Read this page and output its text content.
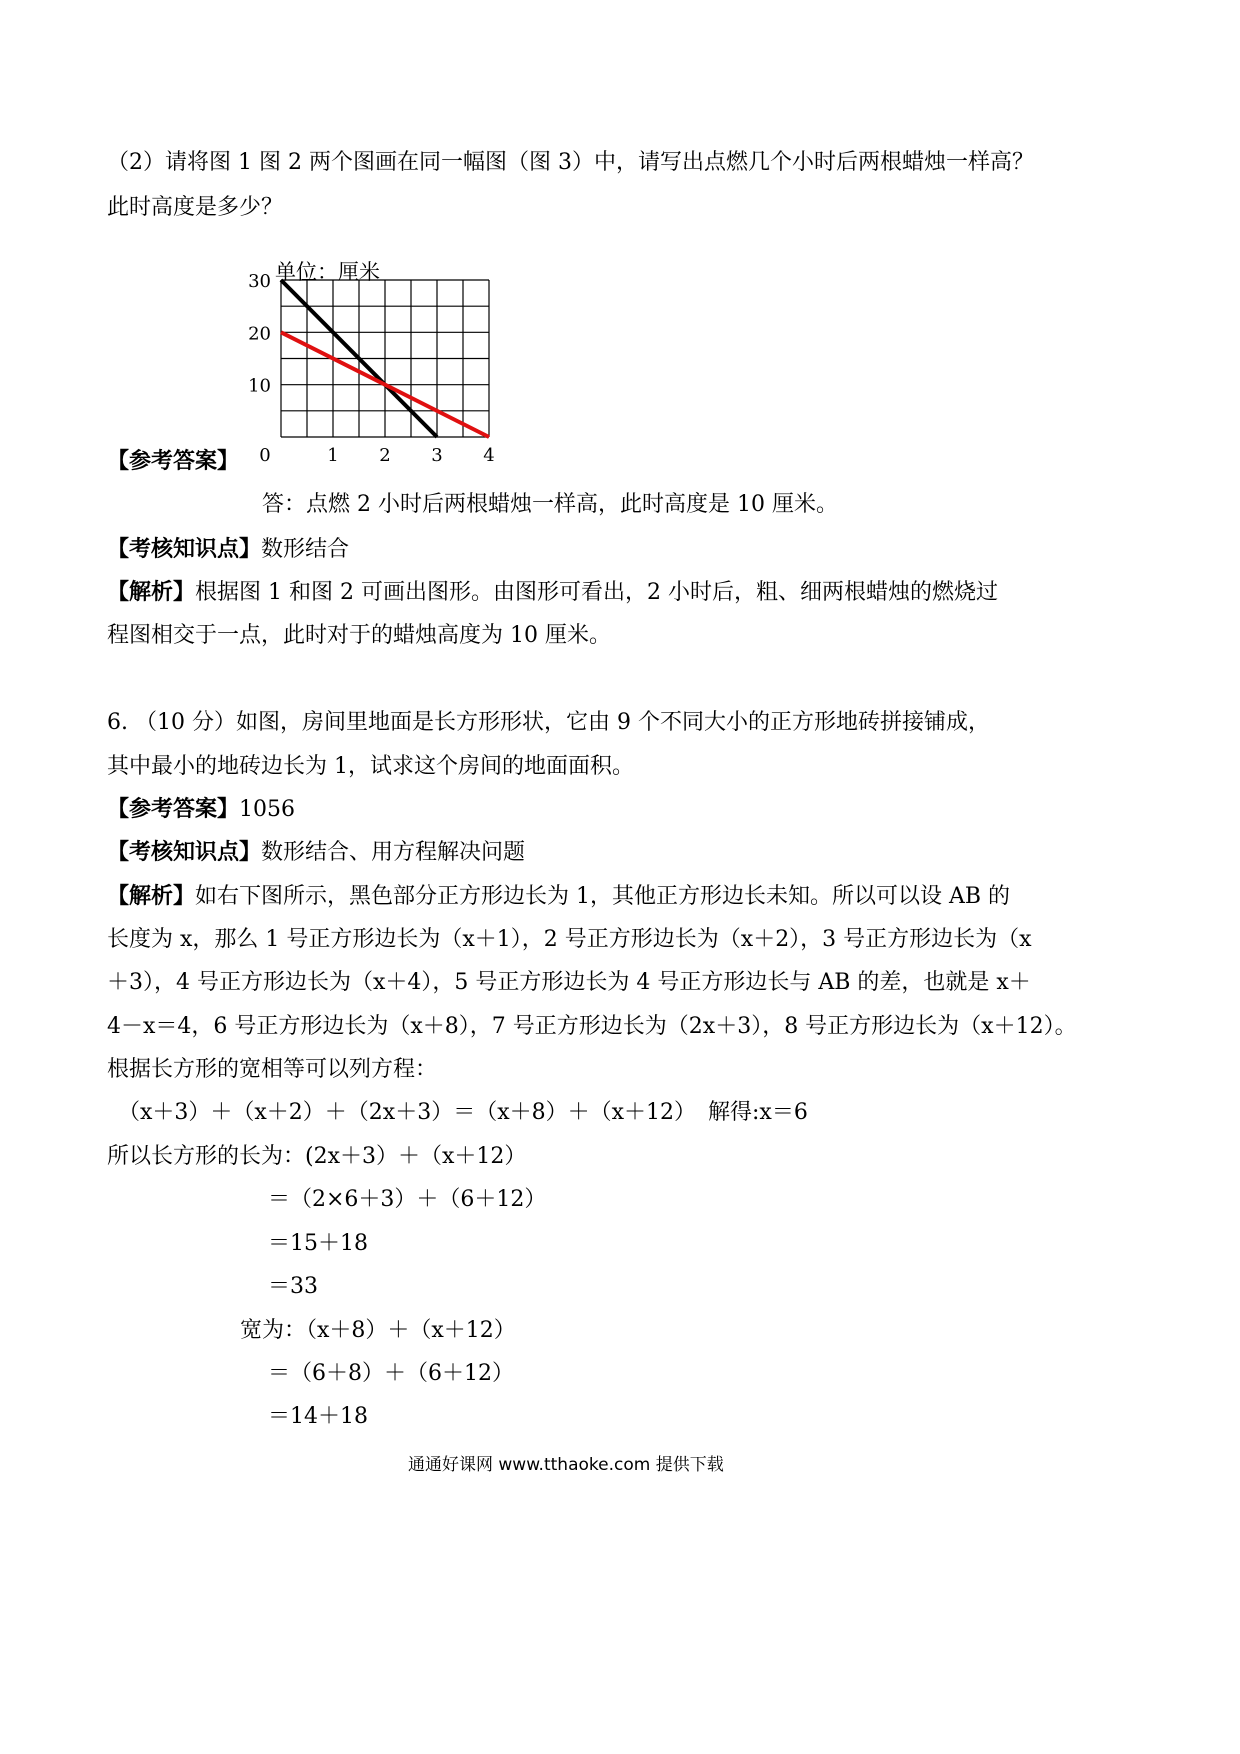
（2）请将图 1 图 2 两个图画在同一幅图（图 3）中，请写出点燃几个小时后两根蜡烛一样高？
此时高度是多少？
单位：厘米
30
20
10
0	1 2 3 4
【参考答案】
答：点燃 2 小时后两根蜡烛一样高，此时高度是 10 厘米。
【考核知识点】数形结合
【解析】根据图 1 和图 2 可画出图形。由图形可看出，2 小时后，粗、细两根蜡烛的燃烧过
程图相交于一点，此时对于的蜡烛高度为 10 厘米。
6. （10 分）如图，房间里地面是长方形形状，它由 9 个不同大小的正方形地砖拼接铺成，
其中最小的地砖边长为 1，试求这个房间的地面面积。
【参考答案】1056
【考核知识点】数形结合、用方程解决问题
【解析】如右下图所示，黑色部分正方形边长为 1，其他正方形边长未知。所以可以设 AB 的
长度为 x，那么 1 号正方形边长为（x＋1），2 号正方形边长为（x＋2），3 号正方形边长为（x
＋3），4 号正方形边长为（x＋4），5 号正方形边长为 4 号正方形边长与 AB 的差，也就是 x＋
4－x＝4，6 号正方形边长为（x＋8），7 号正方形边长为（2x＋3），8 号正方形边长为（x＋12）。
根据长方形的宽相等可以列方程：
（x＋3）＋（x＋2）＋（2x＋3）＝（x＋8）＋（x＋12） 解得:x＝6
所以长方形的长为：(2x＋3）＋（x＋12）
＝（2×6＋3）＋（6＋12）
＝15＋18
＝33
宽为：（x＋8）＋（x＋12）
＝（6＋8）＋（6＋12）
＝14＋18
通通好课网 www.tthaoke.com 提供下载
